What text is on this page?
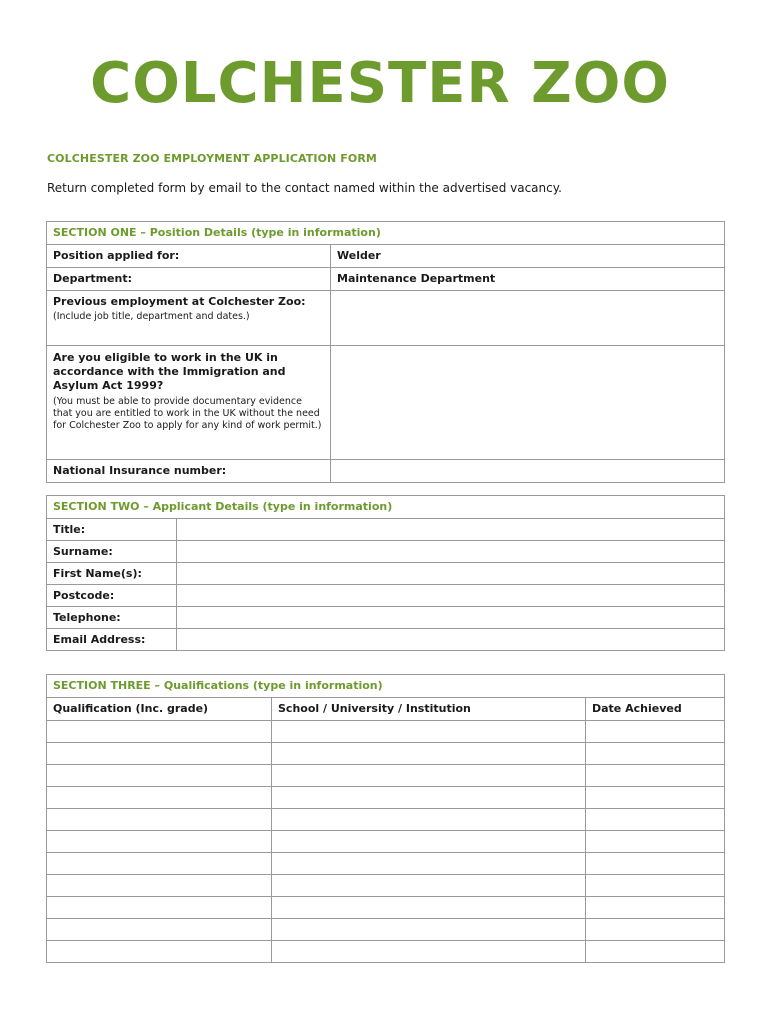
COLCHESTER ZOO
COLCHESTER ZOO EMPLOYMENT APPLICATION FORM
Return completed form by email to the contact named within the advertised vacancy.
SECTION ONE – Position Details (type in information)	
Position applied for:	Welder
Department:	Maintenance Department
Previous employment at Colchester Zoo:
(Include job title, department and dates.)	

Are you eligible to work in the UK in accordance with the Immigration and Asylum Act 1999?
(You must be able to provide documentary evidence that you are entitled to work in the UK without the need for Colchester Zoo to apply for any kind of work permit.)	

National Insurance number:	
SECTION TWO – Applicant Details (type in information)	
Title:	
Surname:	
First Name(s):	
Postcode:	
Telephone:	
Email Address:	
SECTION THREE – Qualifications (type in information)		
Qualification (Inc. grade)	School / University / Institution	Date Achieved
